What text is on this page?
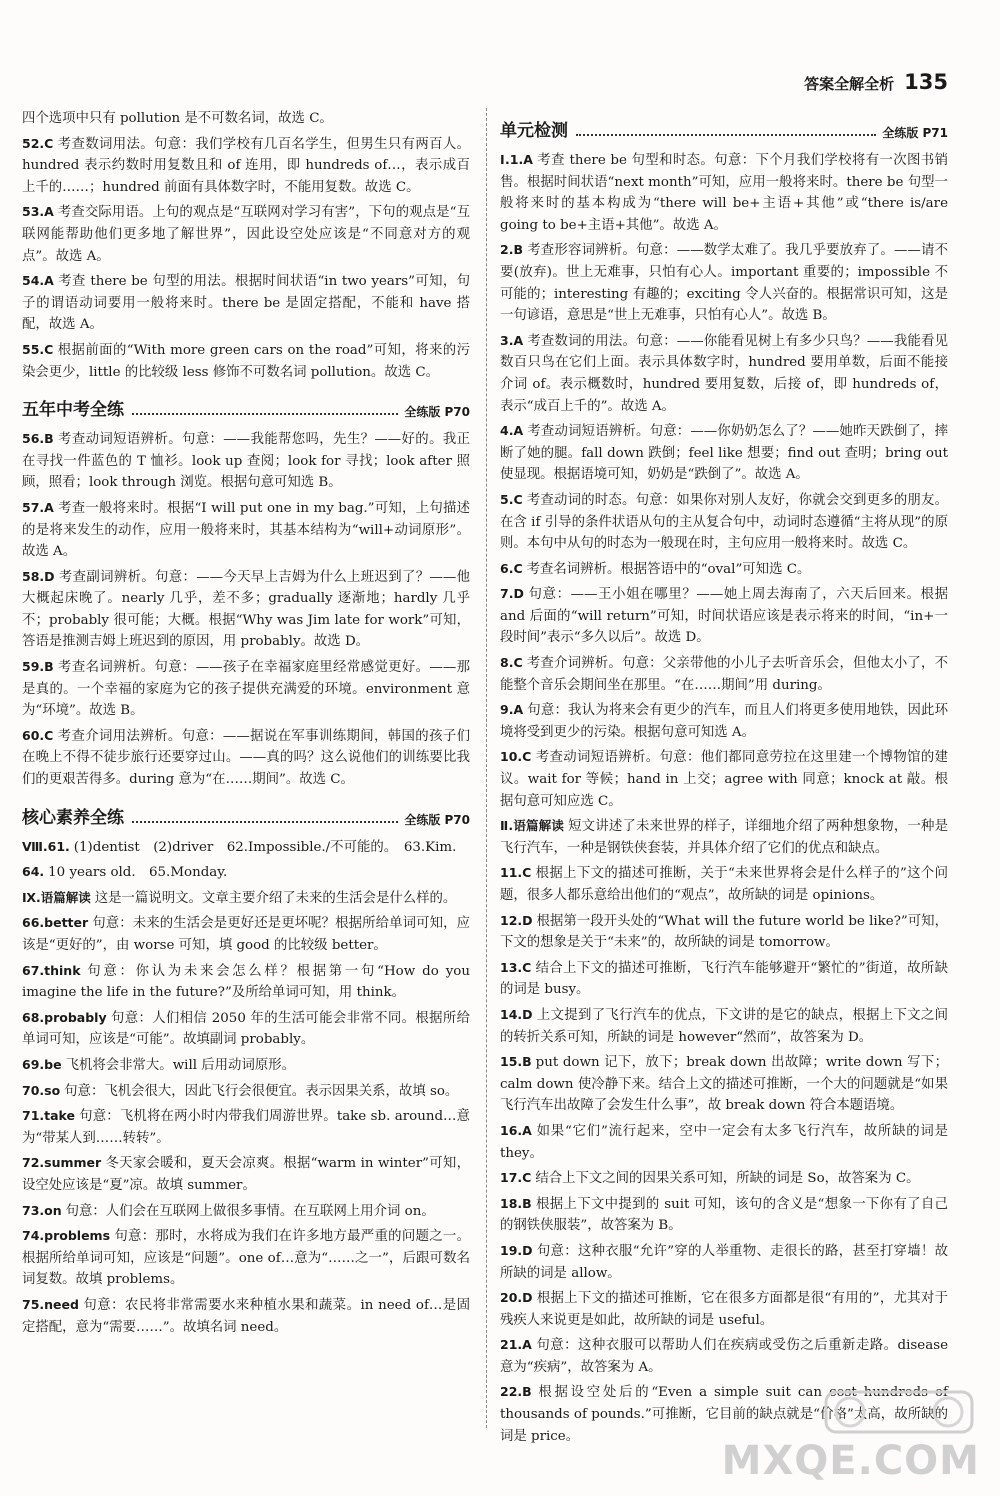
答案全解全析 135
四个选项中只有 pollution 是不可数名词，故选 C。
52.C 考查数词用法。句意：我们学校有几百名学生，但男生只有两百人。hundred 表示约数时用复数且和 of 连用，即 hundreds of…，表示成百上千的……；hundred 前面有具体数字时，不能用复数。故选 C。
53.A 考查交际用语。上句的观点是“互联网对学习有害”，下句的观点是“互联网能帮助他们更多地了解世界”，因此设空处应该是“不同意对方的观点”。故选 A。
54.A 考查 there be 句型的用法。根据时间状语“in two years”可知，句子的谓语动词要用一般将来时。there be 是固定搭配，不能和 have 搭配，故选 A。
55.C 根据前面的“With more green cars on the road”可知，将来的污染会更少，little 的比较级 less 修饰不可数名词 pollution。故选 C。
五年中考全练	全练版 P70
56.B 考查动词短语辨析。句意：——我能帮您吗，先生？——好的。我正在寻找一件蓝色的 T 恤衫。look up 查阅；look for 寻找；look after 照顾，照看；look through 浏览。根据句意可知选 B。
57.A 考查一般将来时。根据“I will put one in my bag.”可知，上句描述的是将来发生的动作，应用一般将来时，其基本结构为“will+动词原形”。故选 A。
58.D 考查副词辨析。句意：——今天早上吉姆为什么上班迟到了？——他大概起床晚了。nearly 几乎，差不多；gradually 逐渐地；hardly 几乎不；probably 很可能；大概。根据“Why was Jim late for work”可知，答语是推测吉姆上班迟到的原因，用 probably。故选 D。
59.B 考查名词辨析。句意：——孩子在幸福家庭里经常感觉更好。——那是真的。一个幸福的家庭为它的孩子提供充满爱的环境。environment 意为“环境”。故选 B。
60.C 考查介词用法辨析。句意：——据说在军事训练期间，韩国的孩子们在晚上不得不徒步旅行还要穿过山。——真的吗？这么说他们的训练要比我们的更艰苦得多。during 意为“在……期间”。故选 C。
核心素养全练	全练版 P70
Ⅷ.61. (1)dentist　(2)driver　62.Impossible./不可能的。　63.Kim.
64. 10 years old.　65.Monday.
Ⅸ.语篇解读 这是一篇说明文。文章主要介绍了未来的生活会是什么样的。
66.better 句意：未来的生活会是更好还是更坏呢？根据所给单词可知，应该是“更好的”，由 worse 可知，填 good 的比较级 better。
67.think 句意：你认为未来会怎么样？根据第一句“How do you imagine the life in the future?”及所给单词可知，用 think。
68.probably 句意：人们相信 2050 年的生活可能会非常不同。根据所给单词可知，应该是“可能”。故填副词 probably。
69.be 飞机将会非常大。will 后用动词原形。
70.so 句意：飞机会很大，因此飞行会很便宜。表示因果关系，故填 so。
71.take 句意：飞机将在两小时内带我们周游世界。take sb. around…意为“带某人到……转转”。
72.summer 冬天家会暖和，夏天会凉爽。根据“warm in winter”可知，设空处应该是“夏”凉。故填 summer。
73.on 句意：人们会在互联网上做很多事情。在互联网上用介词 on。
74.problems 句意：那时，水将成为我们在许多地方最严重的问题之一。根据所给单词可知，应该是“问题”。one of…意为“……之一”，后跟可数名词复数。故填 problems。
75.need 句意：农民将非常需要水来种植水果和蔬菜。in need of…是固定搭配，意为“需要……”。故填名词 need。
单元检测	全练版 P71
Ⅰ.1.A 考查 there be 句型和时态。句意：下个月我们学校将有一次图书销售。根据时间状语“next month”可知，应用一般将来时。there be 句型一般将来时的基本构成为“there will be+主语+其他”或“there is/are going to be+主语+其他”。故选 A。
2.B 考查形容词辨析。句意：——数学太难了。我几乎要放弃了。——请不要(放弃)。世上无难事，只怕有心人。important 重要的；impossible 不可能的；interesting 有趣的；exciting 令人兴奋的。根据常识可知，这是一句谚语，意思是“世上无难事，只怕有心人”。故选 B。
3.A 考查数词的用法。句意：——你能看见树上有多少只鸟？——我能看见数百只鸟在它们上面。表示具体数字时，hundred 要用单数，后面不能接介词 of。表示概数时，hundred 要用复数，后接 of，即 hundreds of，表示“成百上千的”。故选 A。
4.A 考查动词短语辨析。句意：——你奶奶怎么了？——她昨天跌倒了，摔断了她的腿。fall down 跌倒；feel like 想要；find out 查明；bring out 使显现。根据语境可知，奶奶是“跌倒了”。故选 A。
5.C 考查动词的时态。句意：如果你对别人友好，你就会交到更多的朋友。在含 if 引导的条件状语从句的主从复合句中，动词时态遵循“主将从现”的原则。本句中从句的时态为一般现在时，主句应用一般将来时。故选 C。
6.C 考查名词辨析。根据答语中的“oval”可知选 C。
7.D 句意：——王小姐在哪里？——她上周去海南了，六天后回来。根据 and 后面的“will return”可知，时间状语应该是表示将来的时间，“in+一段时间”表示“多久以后”。故选 D。
8.C 考查介词辨析。句意：父亲带他的小儿子去听音乐会，但他太小了，不能整个音乐会期间坐在那里。“在……期间”用 during。
9.A 句意：我认为将来会有更少的汽车，而且人们将更多使用地铁，因此环境将受到更少的污染。根据句意可知选 A。
10.C 考查动词短语辨析。句意：他们都同意劳拉在这里建一个博物馆的建议。wait for 等候；hand in 上交；agree with 同意；knock at 敲。根据句意可知应选 C。
Ⅱ.语篇解读 短文讲述了未来世界的样子，详细地介绍了两种想象物，一种是飞行汽车，一种是钢铁侠套装，并具体介绍了它们的优点和缺点。
11.C 根据上下文的描述可推断，关于“未来世界将会是什么样子的”这个问题，很多人都乐意给出他们的“观点”，故所缺的词是 opinions。
12.D 根据第一段开头处的“What will the future world be like?”可知，下文的想象是关于“未来”的，故所缺的词是 tomorrow。
13.C 结合上下文的描述可推断，飞行汽车能够避开“繁忙的”街道，故所缺的词是 busy。
14.D 上文提到了飞行汽车的优点，下文讲的是它的缺点，根据上下文之间的转折关系可知，所缺的词是 however“然而”，故答案为 D。
15.B put down 记下，放下；break down 出故障；write down 写下；calm down 使冷静下来。结合上文的描述可推断，一个大的问题就是“如果飞行汽车出故障了会发生什么事”，故 break down 符合本题语境。
16.A 如果“它们”流行起来，空中一定会有太多飞行汽车，故所缺的词是 they。
17.C 结合上下文之间的因果关系可知，所缺的词是 So，故答案为 C。
18.B 根据上下文中提到的 suit 可知，该句的含义是“想象一下你有了自己的钢铁侠服装”，故答案为 B。
19.D 句意：这种衣服“允许”穿的人举重物、走很长的路，甚至打穿墙！故所缺的词是 allow。
20.D 根据上下文的描述可推断，它在很多方面都是很“有用的”，尤其对于残疾人来说更是如此，故所缺的词是 useful。
21.A 句意：这种衣服可以帮助人们在疾病或受伤之后重新走路。disease 意为“疾病”，故答案为 A。
22.B 根据设空处后的“Even a simple suit can cost hundreds of thousands of pounds.”可推断，它目前的缺点就是“价格”太高，故所缺的词是 price。
MXQE.COM
